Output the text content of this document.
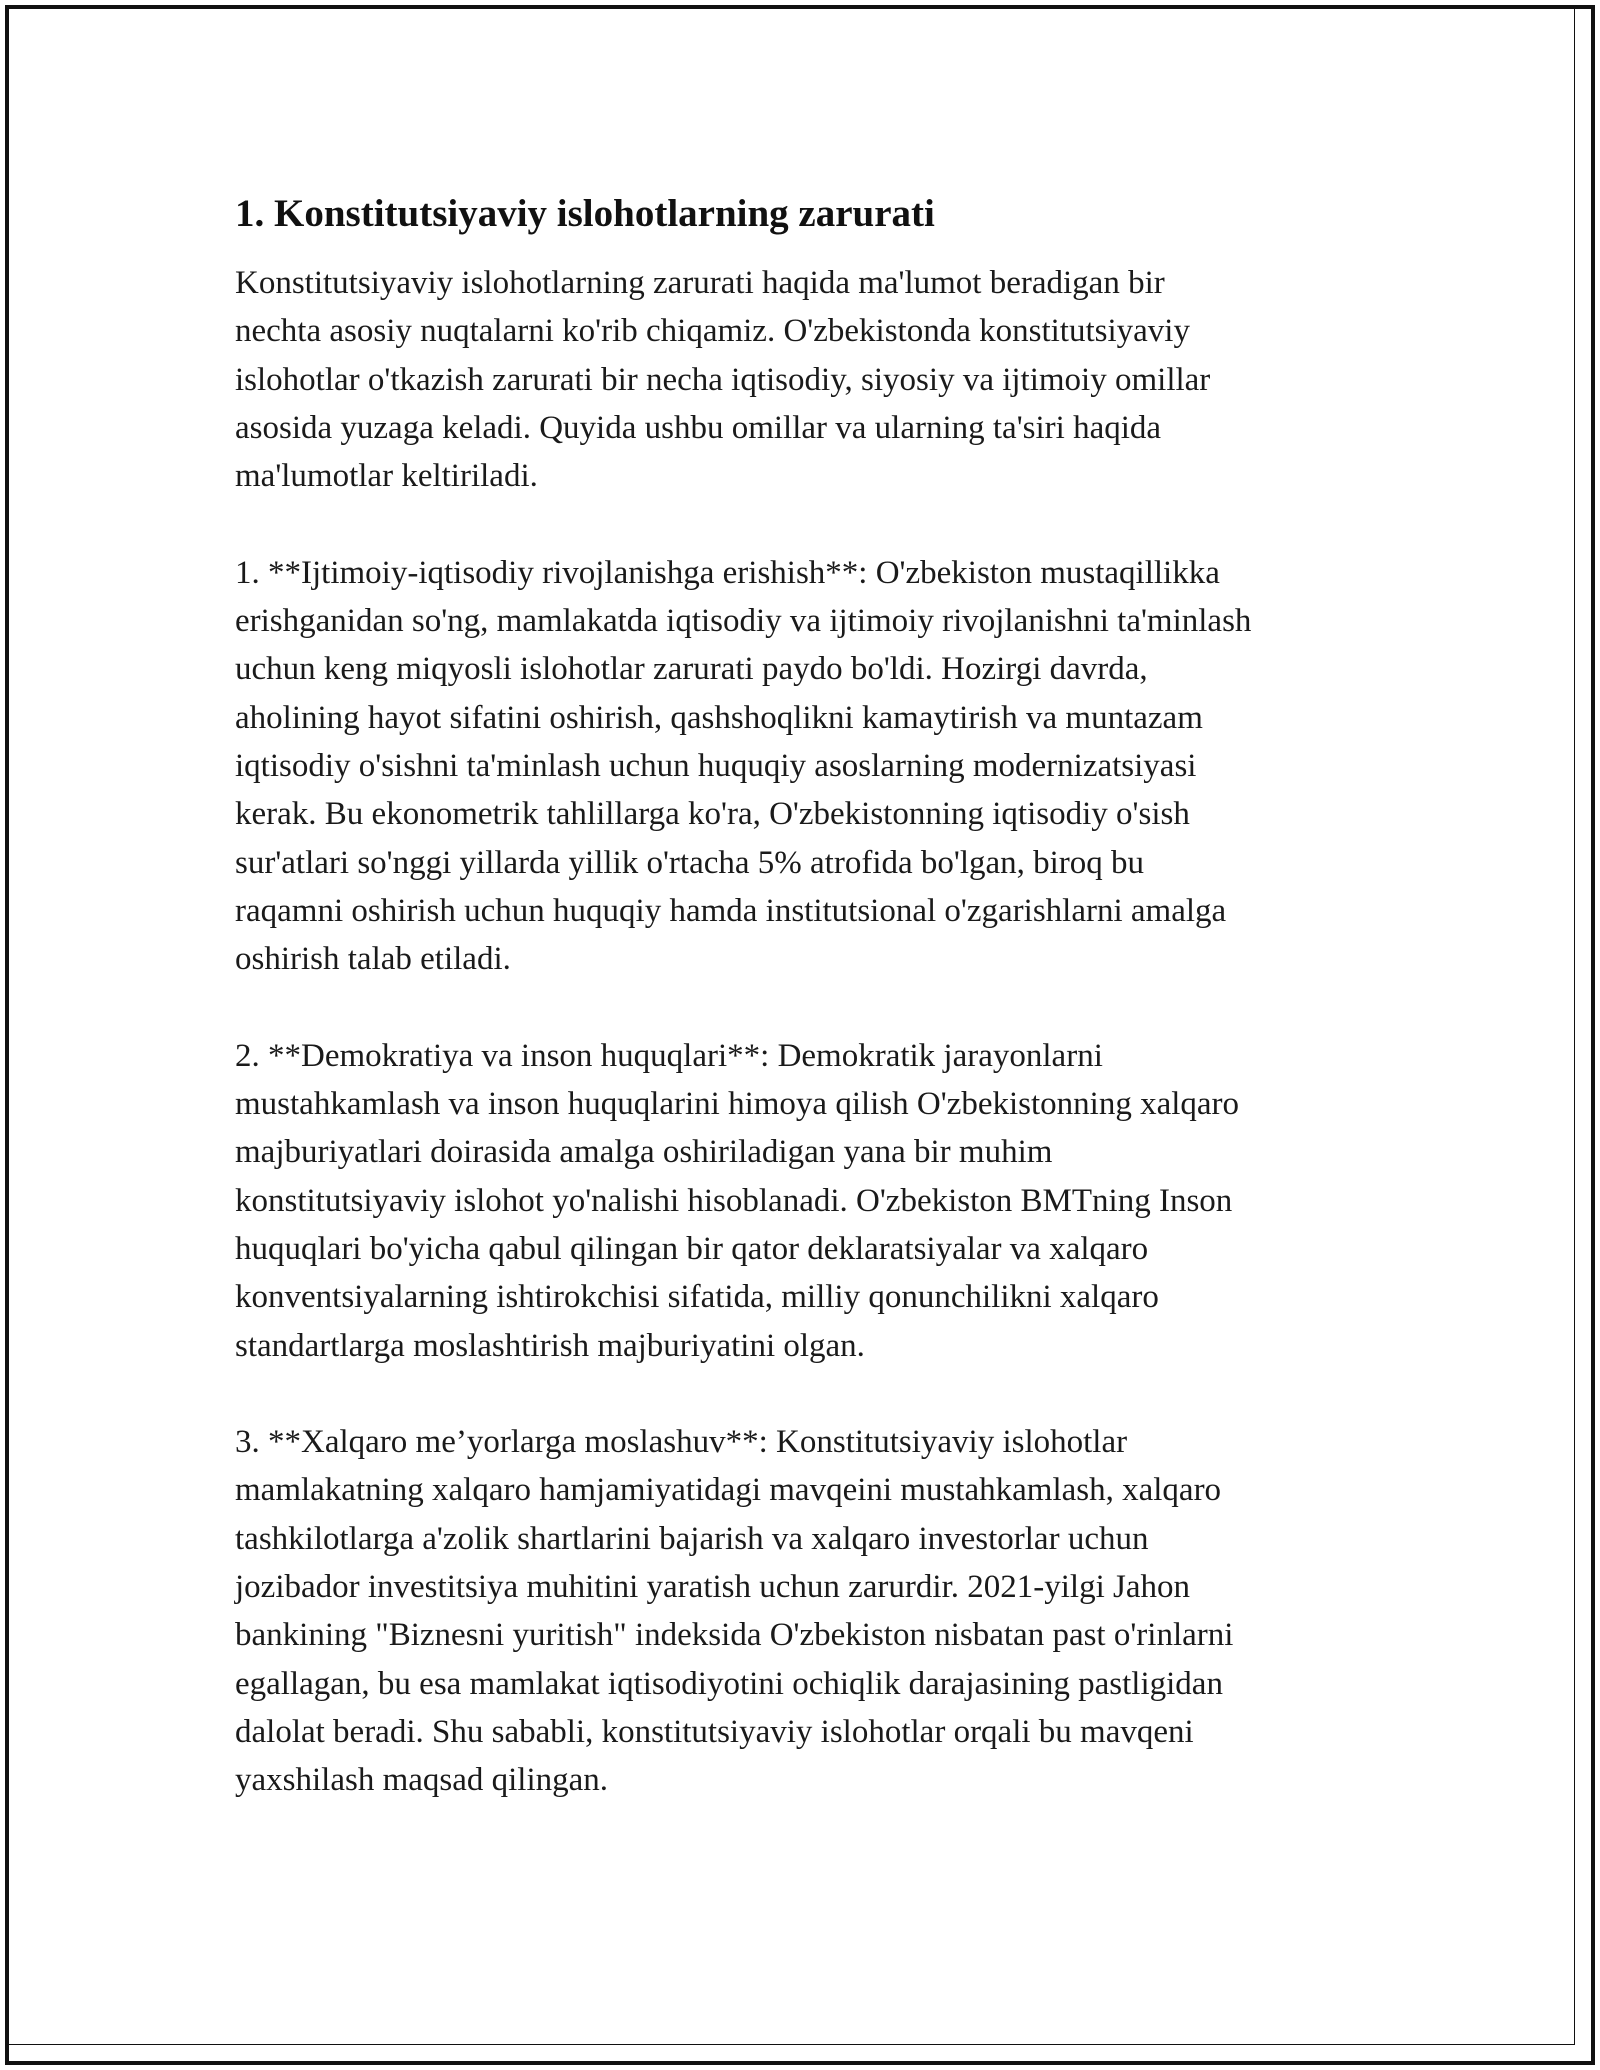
1. Konstitutsiyaviy islohotlarning zarurati

Konstitutsiyaviy islohotlarning zarurati haqida ma'lumot beradigan bir
nechta asosiy nuqtalarni ko'rib chiqamiz. O'zbekistonda konstitutsiyaviy
islohotlar o'tkazish zarurati bir necha iqtisodiy, siyosiy va ijtimoiy omillar
asosida yuzaga keladi. Quyida ushbu omillar va ularning ta'siri haqida
ma'lumotlar keltiriladi.

1. **Ijtimoiy-iqtisodiy rivojlanishga erishish**: O'zbekiston mustaqillikka
erishganidan so'ng, mamlakatda iqtisodiy va ijtimoiy rivojlanishni ta'minlash
uchun keng miqyosli islohotlar zarurati paydo bo'ldi. Hozirgi davrda,
aholining hayot sifatini oshirish, qashshoqlikni kamaytirish va muntazam
iqtisodiy o'sishni ta'minlash uchun huquqiy asoslarning modernizatsiyasi
kerak. Bu ekonometrik tahlillarga ko'ra, O'zbekistonning iqtisodiy o'sish
sur'atlari so'nggi yillarda yillik o'rtacha 5% atrofida bo'lgan, biroq bu
raqamni oshirish uchun huquqiy hamda institutsional o'zgarishlarni amalga
oshirish talab etiladi.

2. **Demokratiya va inson huquqlari**: Demokratik jarayonlarni
mustahkamlash va inson huquqlarini himoya qilish O'zbekistonning xalqaro
majburiyatlari doirasida amalga oshiriladigan yana bir muhim
konstitutsiyaviy islohot yo'nalishi hisoblanadi. O'zbekiston BMTning Inson
huquqlari bo'yicha qabul qilingan bir qator deklaratsiyalar va xalqaro
konventsiyalarning ishtirokchisi sifatida, milliy qonunchilikni xalqaro
standartlarga moslashtirish majburiyatini olgan.

3. **Xalqaro me’yorlarga moslashuv**: Konstitutsiyaviy islohotlar
mamlakatning xalqaro hamjamiyatidagi mavqeini mustahkamlash, xalqaro
tashkilotlarga a'zolik shartlarini bajarish va xalqaro investorlar uchun
jozibador investitsiya muhitini yaratish uchun zarurdir. 2021-yilgi Jahon
bankining "Biznesni yuritish" indeksida O'zbekiston nisbatan past o'rinlarni
egallagan, bu esa mamlakat iqtisodiyotini ochiqlik darajasining pastligidan
dalolat beradi. Shu sababli, konstitutsiyaviy islohotlar orqali bu mavqeni
yaxshilash maqsad qilingan.
